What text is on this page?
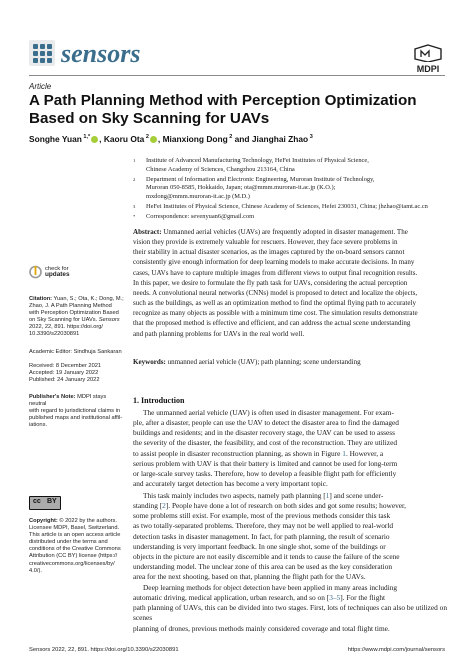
sensors
MDPI
Article
A Path Planning Method with Perception Optimization Based on Sky Scanning for UAVs
Songhe Yuan $^{1,*}$ , Kaoru Ota $^2$ , Mianxiong Dong $^2$ and Jianghai Zhao $^3$
1 Institute of Advanced Manufacturing Technology, HeFei Institutes of Physical Science,
Chinese Academy of Sciences, Changzhou 213164, China
2 Department of Information and Electronic Engineering, Muroran Institute of Technology,
Muroran 050-8585, Hokkaido, Japan; ota@mmm.muroran-it.ac.jp (K.O.);
mxdong@mmm.muroran-it.ac.jp (M.D.)
3 HeFei Institutes of Physical Science, Chinese Academy of Sciences, Hefei 230031, China; jhzhao@iamt.ac.cn
* Correspondence: sevenyuan6@gmail.com
Abstract: Unmanned aerial vehicles (UAVs) are frequently adopted in disaster management. The
vision they provide is extremely valuable for rescuers. However, they face severe problems in
their stability in actual disaster scenarios, as the images captured by the on-board sensors cannot
consistently give enough information for deep learning models to make accurate decisions. In many
cases, UAVs have to capture multiple images from different views to output final recognition results.
In this paper, we desire to formulate the fly path task for UAVs, considering the actual perception
needs. A convolutional neural networks (CNNs) model is proposed to detect and localize the objects,
such as the buildings, as well as an optimization method to find the optimal flying path to accurately
recognize as many objects as possible with a minimum time cost. The simulation results demonstrate
that the proposed method is effective and efficient, and can address the actual scene understanding
and path planning problems for UAVs in the real world well.
Keywords: unmanned aerial vehicle (UAV); path planning; scene understanding
1. Introduction
The unmanned aerial vehicle (UAV) is often used in disaster management. For exam-
ple, after a disaster, people can use the UAV to detect the disaster area to find the damaged
buildings and residents; and in the disaster recovery stage, the UAV can be used to assess
the severity of the disaster, the feasibility, and cost of the reconstruction. They are utilized
to assist people in disaster reconstruction planning, as shown in Figure 1. However, a
serious problem with UAV is that their battery is limited and cannot be used for long-term
or large-scale survey tasks. Therefore, how to develop a feasible flight path for efficiently
and accurately target detection has become a very important topic.
This task mainly includes two aspects, namely path planning [1] and scene under-
standing [2]. People have done a lot of research on both sides and got some results; however,
some problems still exist. For example, most of the previous methods consider this task
as two totally-separated problems. Therefore, they may not be well applied to real-world
detection tasks in disaster management. In fact, for path planning, the result of scenario
understanding is very important feedback. In one single shot, some of the buildings or
objects in the picture are not easily discernible and it tends to cause the failure of the scene
understanding model. The unclear zone of this area can be used as the key consideration
area for the next shooting, based on that, planning the flight path for the UAVs.
Deep learning methods for object detection have been applied in many areas including
automatic driving, medical application, urban research, and so on [3–5]. For the flight
path planning of UAVs, this can be divided into two stages. First, lots of techniques can also be utilized on scenes
planning of drones, previous methods mainly considered coverage and total flight time.
check for
updates
Citation: Yuan, S.; Ota, K.; Dong, M.;
Zhao, J. A Path Planning Method
with Perception Optimization Based
on Sky Scanning for UAVs. Sensors
2022, 22, 891. https://doi.org/
10.3390/s22030891
Academic Editor: Sindhuja Sankaran
Received: 8 December 2021
Accepted: 19 January 2022
Published: 24 January 2022
Publisher's Note: MDPI stays neutral
with regard to jurisdictional claims in
published maps and institutional affil-
iations.
cc BY
Copyright: © 2022 by the authors.
Licensee MDPI, Basel, Switzerland.
This article is an open access article
distributed under the terms and
conditions of the Creative Commons
Attribution (CC BY) license (https://
creativecommons.org/licenses/by/
4.0/).
Sensors 2022, 22, 891. https://doi.org/10.3390/s22030891	https://www.mdpi.com/journal/sensors
